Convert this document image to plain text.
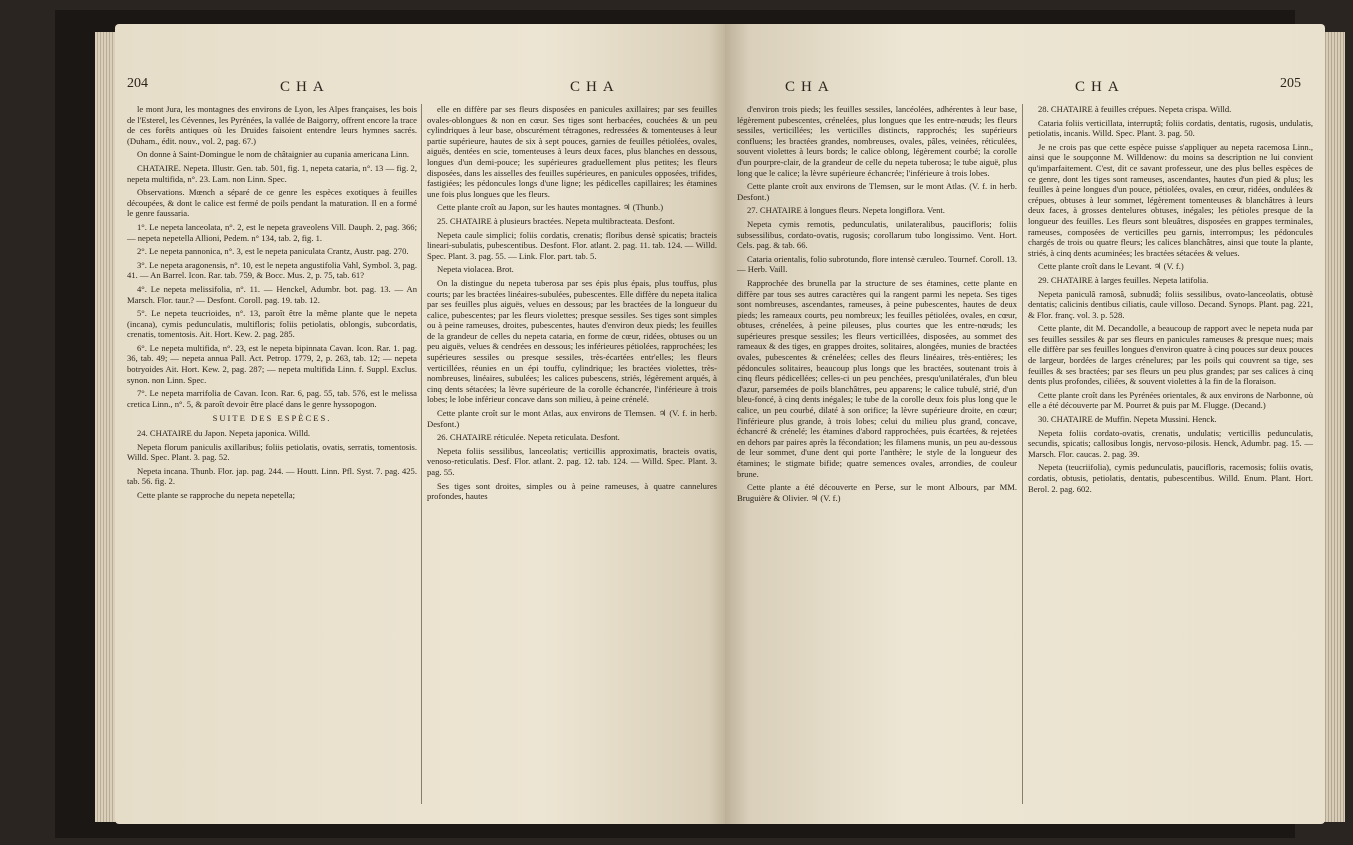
204	CHA	CHA

le mont Jura, les montagnes des environs de Lyon, les Alpes françaises, les bois de l'Esterel, les Cévennes, les Pyrénées, la vallée de Baigorry, offrent encore la trace de ces forêts antiques où les Druides faisoient entendre leurs hymnes sacrés. (Duham., édit. nouv., vol. 2, pag. 67.)

On donne à Saint-Domingue le nom de châtaignier au cupania americana Linn.

CHATAIRE. Nepeta. Illustr. Gen. tab. 501, fig. 1, nepeta cataria, n°. 13 — fig. 2, nepeta multifida, n°. 23. Lam. non Linn. Spec.

Observations. Mœnch a séparé de ce genre les espèces exotiques à feuilles découpées, & dont le calice est fermé de poils pendant la maturation. Il en a formé le genre faussaria.

1°. Le nepeta lanceolata, n°. 2, est le nepeta graveolens Vill. Dauph. 2, pag. 366; — nepeta nepetella Allioni, Pedem. n° 134, tab. 2, fig. 1.

2°. Le nepeta pannonica, n°. 3, est le nepeta paniculata Crantz, Austr. pag. 270.

3°. Le nepeta aragonensis, n°. 10, est le nepeta angustifolia Vahl, Symbol. 3, pag. 41. — An Barrel. Icon. Rar. tab. 759, & Bocc. Mus. 2, p. 75, tab. 61?

4°. Le nepeta melissifolia, n°. 11. — Henckel, Adumbr. bot. pag. 13. — An Marsch. Flor. taur.? — Desfont. Coroll. pag. 19. tab. 12.

5°. Le nepeta teucrioides, n°. 13, paroît être la même plante que le nepeta (incana), cymis pedunculatis, multifloris; foliis petiolatis, oblongis, subcordatis, crenatis, tomentosis. Ait. Hort. Kew. 2. pag. 285.

6°. Le nepeta multifida, n°. 23, est le nepeta bipinnata Cavan. Icon. Rar. 1. pag. 36, tab. 49; — nepeta annua Pall. Act. Petrop. 1779, 2, p. 263, tab. 12; — nepeta botryoides Ait. Hort. Kew. 2, pag. 287; — nepeta multifida Linn. f. Suppl. Exclus. synon. non Linn. Spec.

7°. Le nepeta marrifolia de Cavan. Icon. Rar. 6, pag. 55, tab. 576, est le melissa cretica Linn., n°. 5, & paroît devoir être placé dans le genre hyssopogon.

SUITE DES ESPÈCES.

24. CHATAIRE du Japon. Nepeta japonica. Willd.

Nepeta florum paniculis axillaribus; foliis petiolatis, ovatis, serratis, tomentosis. Willd. Spec. Plant. 3. pag. 52.

Nepeta incana. Thunb. Flor. jap. pag. 244. — Houtt. Linn. Pfl. Syst. 7. pag. 425. tab. 56. fig. 2.

Cette plante se rapproche du nepeta nepetella;

elle en diffère par ses fleurs disposées en panicules axillaires; par ses feuilles ovales-oblongues & non en cœur. Ses tiges sont herbacées, couchées & un peu cylindriques à leur base, obscurément tétragones, redressées & tomenteuses à leur partie supérieure, hautes de six à sept pouces, garnies de feuilles pétiolées, ovales, aiguës, dentées en scie, tomenteuses à leurs deux faces, plus blanches en dessous, longues d'un demi-pouce; les supérieures graduellement plus petites; les fleurs disposées, dans les aisselles des feuilles supérieures, en panicules opposées, trifides, fastigiées; les pédoncules longs d'une ligne; les pédicelles capillaires; les étamines une fois plus longues que les fleurs.

Cette plante croît au Japon, sur les hautes montagnes. ♃ (Thunb.)

25. CHATAIRE à plusieurs bractées. Nepeta multibracteata. Desfont.

Nepeta caule simplici; foliis cordatis, crenatis; floribus densè spicatis; bracteis lineari-subulatis, pubescentibus. Desfont. Flor. atlant. 2. pag. 11. tab. 124. — Willd. Spec. Plant. 3. pag. 55. — Link. Flor. part. tab. 5.

Nepeta violacea. Brot.

On la distingue du nepeta tuberosa par ses épis plus épais, plus touffus, plus courts; par les bractées linéaires-subulées, pubescentes. Elle diffère du nepeta italica par ses feuilles plus aiguës, velues en dessous; par les bractées de la longueur du calice, pubescentes; par les fleurs violettes; presque sessiles. Ses tiges sont simples ou à peine rameuses, droites, pubescentes, hautes d'environ deux pieds; les feuilles de la grandeur de celles du nepeta cataria, en forme de cœur, ridées, obtuses ou un peu aiguës, velues & cendrées en dessous; les inférieures pétiolées, rapprochées; les supérieures sessiles ou presque sessiles, très-écartées entr'elles; les fleurs verticillées, réunies en un épi touffu, cylindrique; les bractées violettes, très-nombreuses, linéaires, subulées; les calices pubescens, striés, légèrement arqués, à cinq dents sétacées; la lèvre supérieure de la corolle échancrée, l'inférieure à trois lobes; le lobe inférieur concave dans son milieu, à peine crénelé.

Cette plante croît sur le mont Atlas, aux environs de Tlemsen. ♃ (V. f. in herb. Desfont.)

26. CHATAIRE réticulée. Nepeta reticulata. Desfont.

Nepeta foliis sessilibus, lanceolatis; verticillis approximatis, bracteis ovatis, venoso-reticulatis. Desf. Flor. atlant. 2. pag. 12. tab. 124. — Willd. Spec. Plant. 3. pag. 55.

Ses tiges sont droites, simples ou à peine rameuses, à quatre cannelures profondes, hautes

CHA	CHA	205

d'environ trois pieds; les feuilles sessiles, lancéolées, adhérentes à leur base, légèrement pubescentes, crénelées, plus longues que les entre-nœuds; les fleurs sessiles, verticillées; les verticilles distincts, rapprochés; les supérieurs confluens; les bractées grandes, nombreuses, ovales, pâles, veinées, réticulées, souvent violettes à leurs bords; le calice oblong, légèrement courbé; la corolle d'un pourpre-clair, de la grandeur de celle du nepeta tuberosa; le tube aiguë, plus long que le calice; la lèvre supérieure échancrée; l'inférieure à trois lobes.

Cette plante croît aux environs de Tlemsen, sur le mont Atlas. (V. f. in herb. Desfont.)

27. CHATAIRE à longues fleurs. Nepeta longiflora. Vent.

Nepeta cymis remotis, pedunculatis, unilateralibus, paucifloris; foliis subsessilibus, cordato-ovatis, rugosis; corollarum tubo longissimo. Vent. Hort. Cels. pag. & tab. 66.

Cataria orientalis, folio subrotundo, flore intensè cæruleo. Tournef. Coroll. 13. — Herb. Vaill.

Rapprochée des brunella par la structure de ses étamines, cette plante en diffère par tous ses autres caractères qui la rangent parmi les nepeta. Ses tiges sont nombreuses, ascendantes, rameuses, à peine pubescentes, hautes de deux pieds; les rameaux courts, peu nombreux; les feuilles pétiolées, ovales, en cœur, obtuses, crénelées, à peine pileuses, plus courtes que les entre-nœuds; les supérieures presque sessiles; les fleurs verticillées, disposées, au sommet des rameaux & des tiges, en grappes droites, solitaires, alongées, munies de bractées ovales, pubescentes & crénelées; celles des fleurs linéaires, très-entières; les pédoncules solitaires, beaucoup plus longs que les bractées, soutenant trois à cinq fleurs pédicellées; celles-ci un peu penchées, presqu'unilatérales, d'un bleu d'azur, parsemées de poils blanchâtres, peu apparens; le calice tubulé, strié, d'un bleu-foncé, à cinq dents inégales; le tube de la corolle deux fois plus long que le calice, un peu courbé, dilaté à son orifice; la lèvre supérieure droite, en cœur; l'inférieure plus grande, à trois lobes; celui du milieu plus grand, concave, échancré & crénelé; les étamines d'abord rapprochées, puis écartées, & rejetées en dehors par paires après la fécondation; les filamens munis, un peu au-dessous de leur sommet, d'une dent qui porte l'anthère; le style de la longueur des étamines; le stigmate bifide; quatre semences ovales, arrondies, de couleur brune.

Cette plante a été découverte en Perse, sur le mont Albours, par MM. Bruguière & Olivier. ♃ (V. f.)

28. CHATAIRE à feuilles crépues. Nepeta crispa. Willd.

Cataria foliis verticillata, interruptâ; foliis cordatis, dentatis, rugosis, undulatis, petiolatis, incanis. Willd. Spec. Plant. 3. pag. 50.

Je ne crois pas que cette espèce puisse s'appliquer au nepeta racemosa Linn., ainsi que le soupçonne M. Willdenow: du moins sa description ne lui convient qu'imparfaitement. C'est, dit ce savant professeur, une des plus belles espèces de ce genre, dont les tiges sont rameuses, ascendantes, hautes d'un pied & plus; les feuilles à peine longues d'un pouce, pétiolées, ovales, en cœur, ridées, ondulées & crépues, obtuses à leur sommet, légèrement tomenteuses & blanchâtres à leurs deux faces, à grosses dentelures obtuses, inégales; les pétioles presque de la longueur des feuilles. Les fleurs sont bleuâtres, disposées en grappes terminales, rameuses, composées de verticilles peu garnis, interrompus; les pédoncules chargés de trois ou quatre fleurs; les calices blanchâtres, ainsi que toute la plante, striés, à cinq dents acuminées; les bractées sétacées & velues.

Cette plante croît dans le Levant. ♃ (V. f.)

29. CHATAIRE à larges feuilles. Nepeta latifolia.

Nepeta paniculâ ramosâ, subnudâ; foliis sessilibus, ovato-lanceolatis, obtusè dentatis; calicinis dentibus ciliatis, caule villoso. Decand. Synops. Plant. pag. 221, & Flor. franç. vol. 3. p. 528.

Cette plante, dit M. Decandolle, a beaucoup de rapport avec le nepeta nuda par ses feuilles sessiles & par ses fleurs en panicules rameuses & presque nues; mais elle diffère par ses feuilles longues d'environ quatre à cinq pouces sur deux pouces de largeur, bordées de larges crénelures; par les poils qui couvrent sa tige, ses feuilles & ses bractées; par ses fleurs un peu plus grandes; par ses calices à cinq dents plus profondes, ciliées, & souvent violettes à la fin de la floraison.

Cette plante croît dans les Pyrénées orientales, & aux environs de Narbonne, où elle a été découverte par M. Pourret & puis par M. Flugge. (Decand.)

30. CHATAIRE de Muffin. Nepeta Mussini. Henck.

Nepeta foliis cordato-ovatis, crenatis, undulatis; verticillis pedunculatis, secundis, spicatis; callosibus longis, nervoso-pilosis. Henck, Adumbr. pag. 15. — Marsch. Flor. caucas. 2. pag. 39.

Nepeta (teucriifolia), cymis pedunculatis, paucifloris, racemosis; foliis ovatis, cordatis, obtusis, petiolatis, dentatis, pubescentibus. Willd. Enum. Plant. Hort. Berol. 2. pag. 602.
